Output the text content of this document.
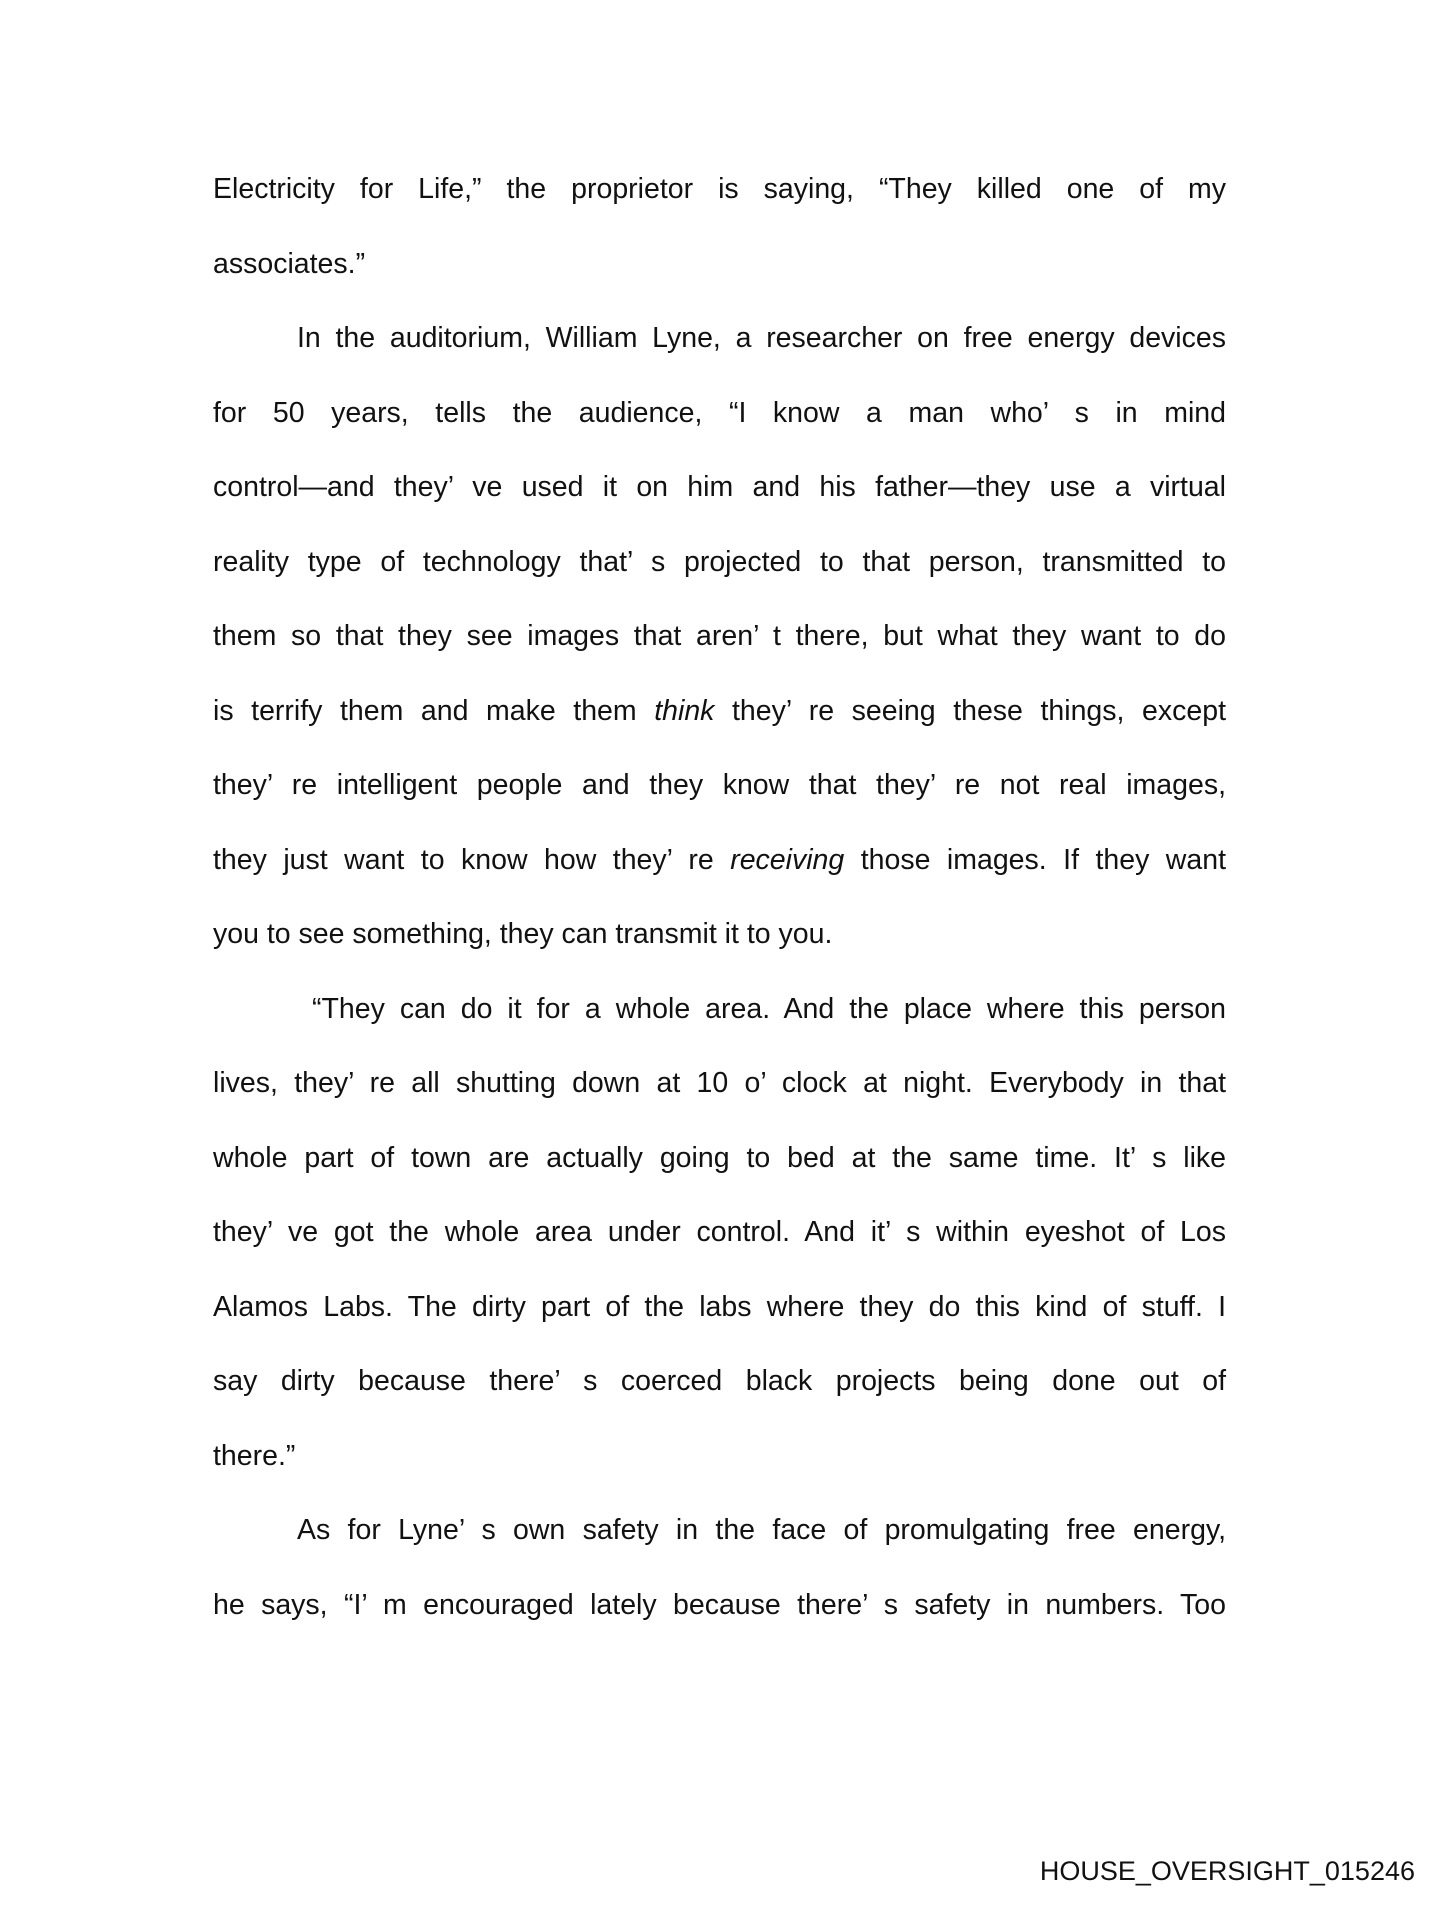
Electricity for Life,” the proprietor is saying, “They killed one of my
associates.”
In the auditorium, William Lyne, a researcher on free energy devices
for 50 years, tells the audience, “I know a man who’ s in mind
control—and they’ ve used it on him and his father—they use a virtual
reality type of technology that’ s projected to that person, transmitted to
them so that they see images that aren’ t there, but what they want to do
is terrify them and make them think they’ re seeing these things, except
they’ re intelligent people and they know that they’ re not real images,
they just want to know how they’ re receiving those images. If they want
you to see something, they can transmit it to you.
“They can do it for a whole area. And the place where this person
lives, they’ re all shutting down at 10 o’ clock at night. Everybody in that
whole part of town are actually going to bed at the same time. It’ s like
they’ ve got the whole area under control. And it’ s within eyeshot of Los
Alamos Labs. The dirty part of the labs where they do this kind of stuff. I
say dirty because there’ s coerced black projects being done out of
there.”
As for Lyne’ s own safety in the face of promulgating free energy,
he says, “I’ m encouraged lately because there’ s safety in numbers. Too
HOUSE_OVERSIGHT_015246
